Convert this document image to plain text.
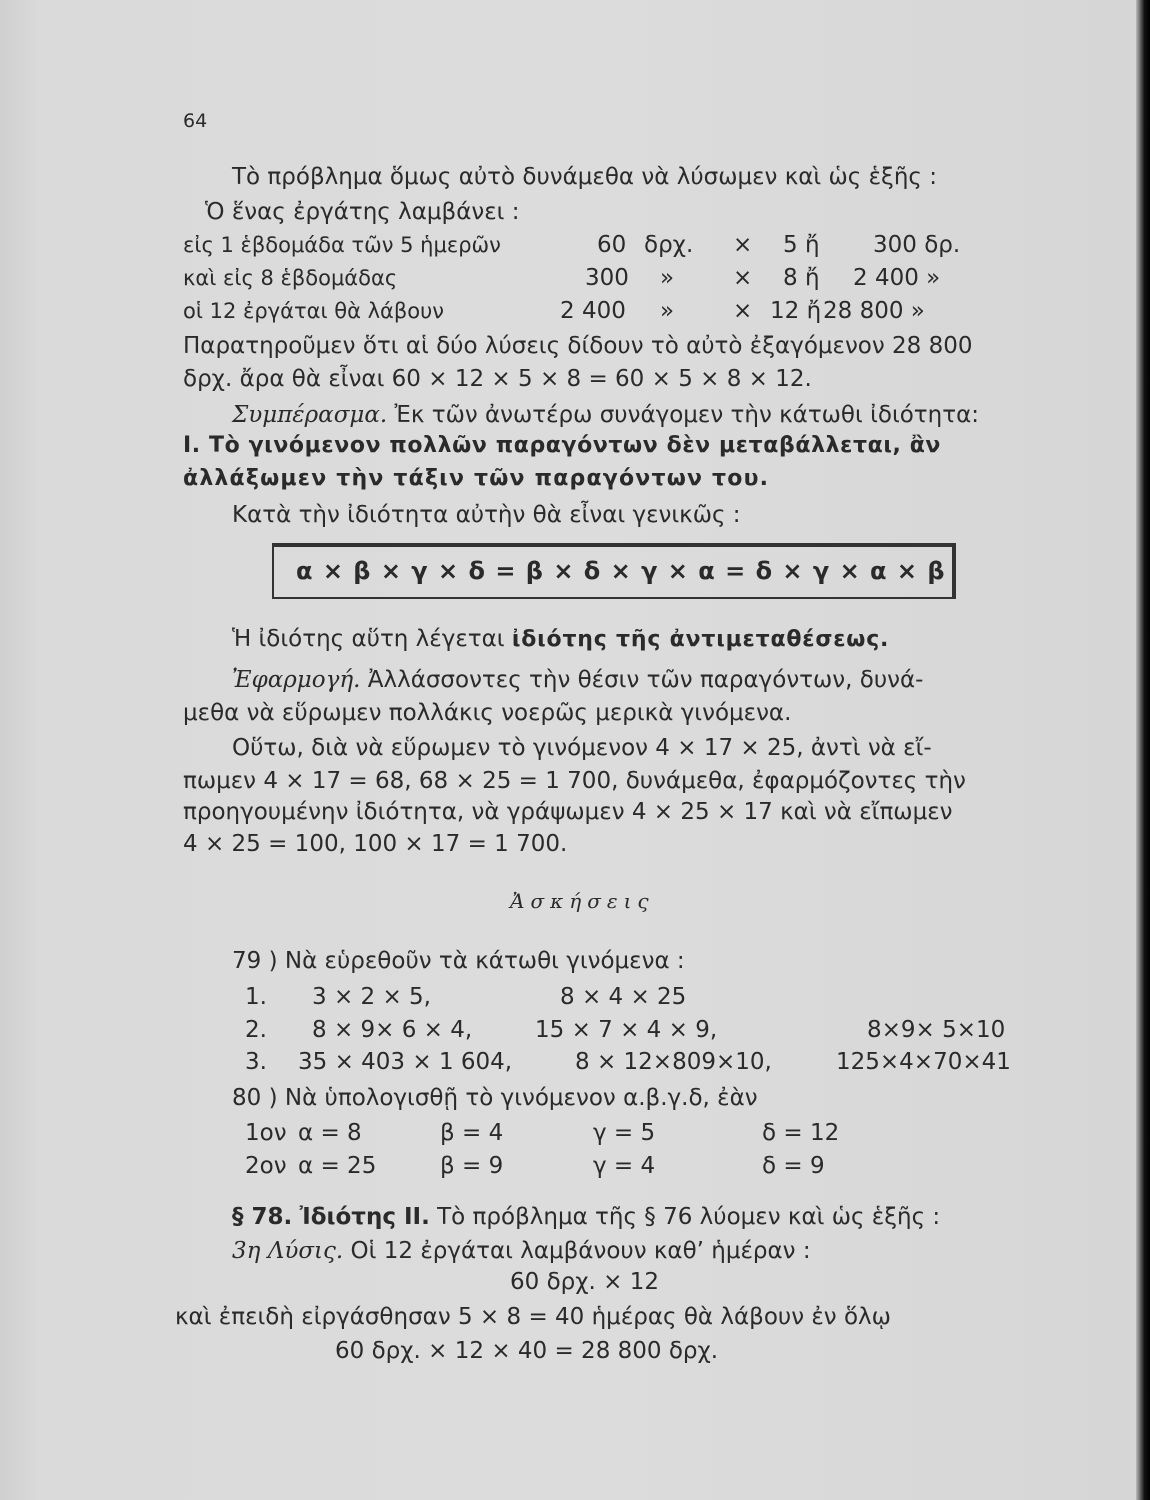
64
Τὸ πρόβλημα ὅμως αὐτὸ δυνάμεθα νὰ λύσωμεν καὶ ὡς ἑξῆς :
Ὁ ἕνας ἐργάτης λαμβάνει :
εἰς 1 ἑβδομάδα τῶν 5 ἡμερῶν	60 δρχ. × 5 ἤ 300 δρ.
καὶ εἰς 8 ἑβδομάδας	300 »	× 8 ἤ 2 400 »
οἱ 12 ἐργάται θὰ λάβουν	2 400 »	× 12 ἤ 28 800 »
Παρατηροῦμεν ὅτι αἱ δύο λύσεις δίδουν τὸ αὐτὸ ἐξαγόμενον 28 800
δρχ. ἄρα θὰ εἶναι 60 × 12 × 5 × 8 = 60 × 5 × 8 × 12.
Συμπέρασμα. Ἐκ τῶν ἀνωτέρω συνάγομεν τὴν κάτωθι ἰδιότητα:
I. Τὸ γινόμενον πολλῶν παραγόντων δὲν μεταβάλλεται, ἂν
ἀλλάξωμεν τὴν τάξιν τῶν παραγόντων του.
Κατὰ τὴν ἰδιότητα αὐτὴν θὰ εἶναι γενικῶς :
α × β × γ × δ = β × δ × γ × α = δ × γ × α × β
Ἡ ἰδιότης αὕτη λέγεται ἰδιότης τῆς ἀντιμεταθέσεως.
Ἐφαρμογή. Ἀλλάσσοντες τὴν θέσιν τῶν παραγόντων, δυνά-
μεθα νὰ εὕρωμεν πολλάκις νοερῶς μερικὰ γινόμενα.
Οὕτω, διὰ νὰ εὕρωμεν τὸ γινόμενον 4 × 17 × 25, ἀντὶ νὰ εἴ-
πωμεν 4 × 17 = 68, 68 × 25 = 1 700, δυνάμεθα, ἐφαρμόζοντες τὴν
προηγουμένην ἰδιότητα, νὰ γράψωμεν 4 × 25 × 17 καὶ νὰ εἴπωμεν
4 × 25 = 100, 100 × 17 = 1 700.
Ἀσκήσεις
79 ) Νὰ εὑρεθοῦν τὰ κάτωθι γινόμενα :
1. 3 × 2 × 5,	8 × 4 × 25
2. 8 × 9× 6 × 4,	15 × 7 × 4 × 9,	8×9× 5×10
3. 35 × 403 × 1 604,	8 × 12×809×10,	125×4×70×41
80 ) Νὰ ὑπολογισθῇ τὸ γινόμενον α.β.γ.δ, ἐὰν
1ον α = 8	β = 4	γ = 5	δ = 12
2ον α = 25	β = 9	γ = 4	δ = 9
§ 78. Ἰδιότης II. Τὸ πρόβλημα τῆς § 76 λύομεν καὶ ὡς ἑξῆς :
3η Λύσις. Οἱ 12 ἐργάται λαμβάνουν καθ’ ἡμέραν :
60 δρχ. × 12
καὶ ἐπειδὴ εἰργάσθησαν 5 × 8 = 40 ἡμέρας θὰ λάβουν ἐν ὅλῳ
60 δρχ. × 12 × 40 = 28 800 δρχ.
